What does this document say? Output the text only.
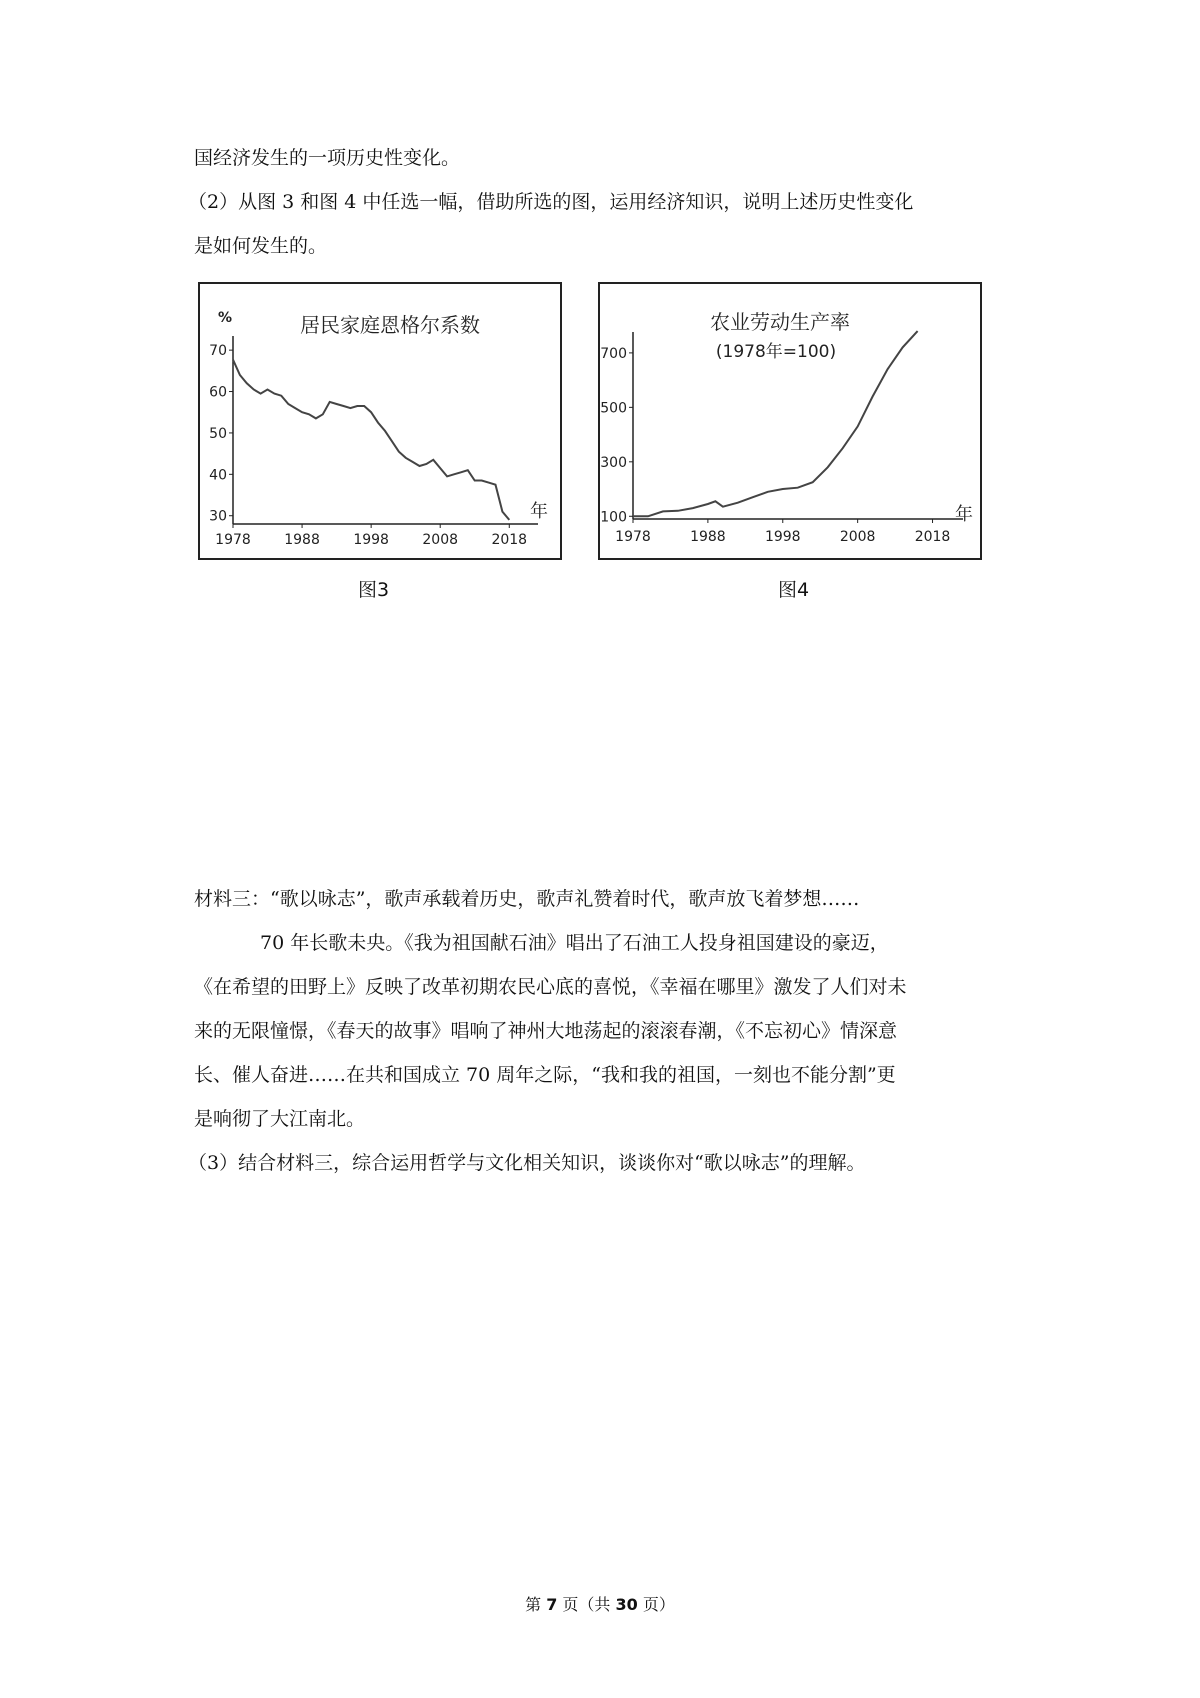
国经济发生的一项历史性变化。
（2）从图 3 和图 4 中任选一幅，借助所选的图，运用经济知识，说明上述历史性变化
是如何发生的。
居民家庭恩格尔系数
%
1978 1988 1998 2008 2018
70
60
50
40
30	年
图3
农业劳动生产率
(1978年=100)
1978	1988	1998	2008	2018
700
500
300
100	年
图4
材料三：“歌以咏志”，歌声承载着历史，歌声礼赞着时代，歌声放飞着梦想……
70 年长歌未央。《我为祖国献石油》唱出了石油工人投身祖国建设的豪迈，
《在希望的田野上》反映了改革初期农民心底的喜悦，《幸福在哪里》激发了人们对未
来的无限憧憬，《春天的故事》唱响了神州大地荡起的滚滚春潮，《不忘初心》情深意
长、催人奋进……在共和国成立 70 周年之际，“我和我的祖国，一刻也不能分割”更
是响彻了大江南北。
（3）结合材料三，综合运用哲学与文化相关知识，谈谈你对“歌以咏志”的理解。
第 7 页（共 30 页）
